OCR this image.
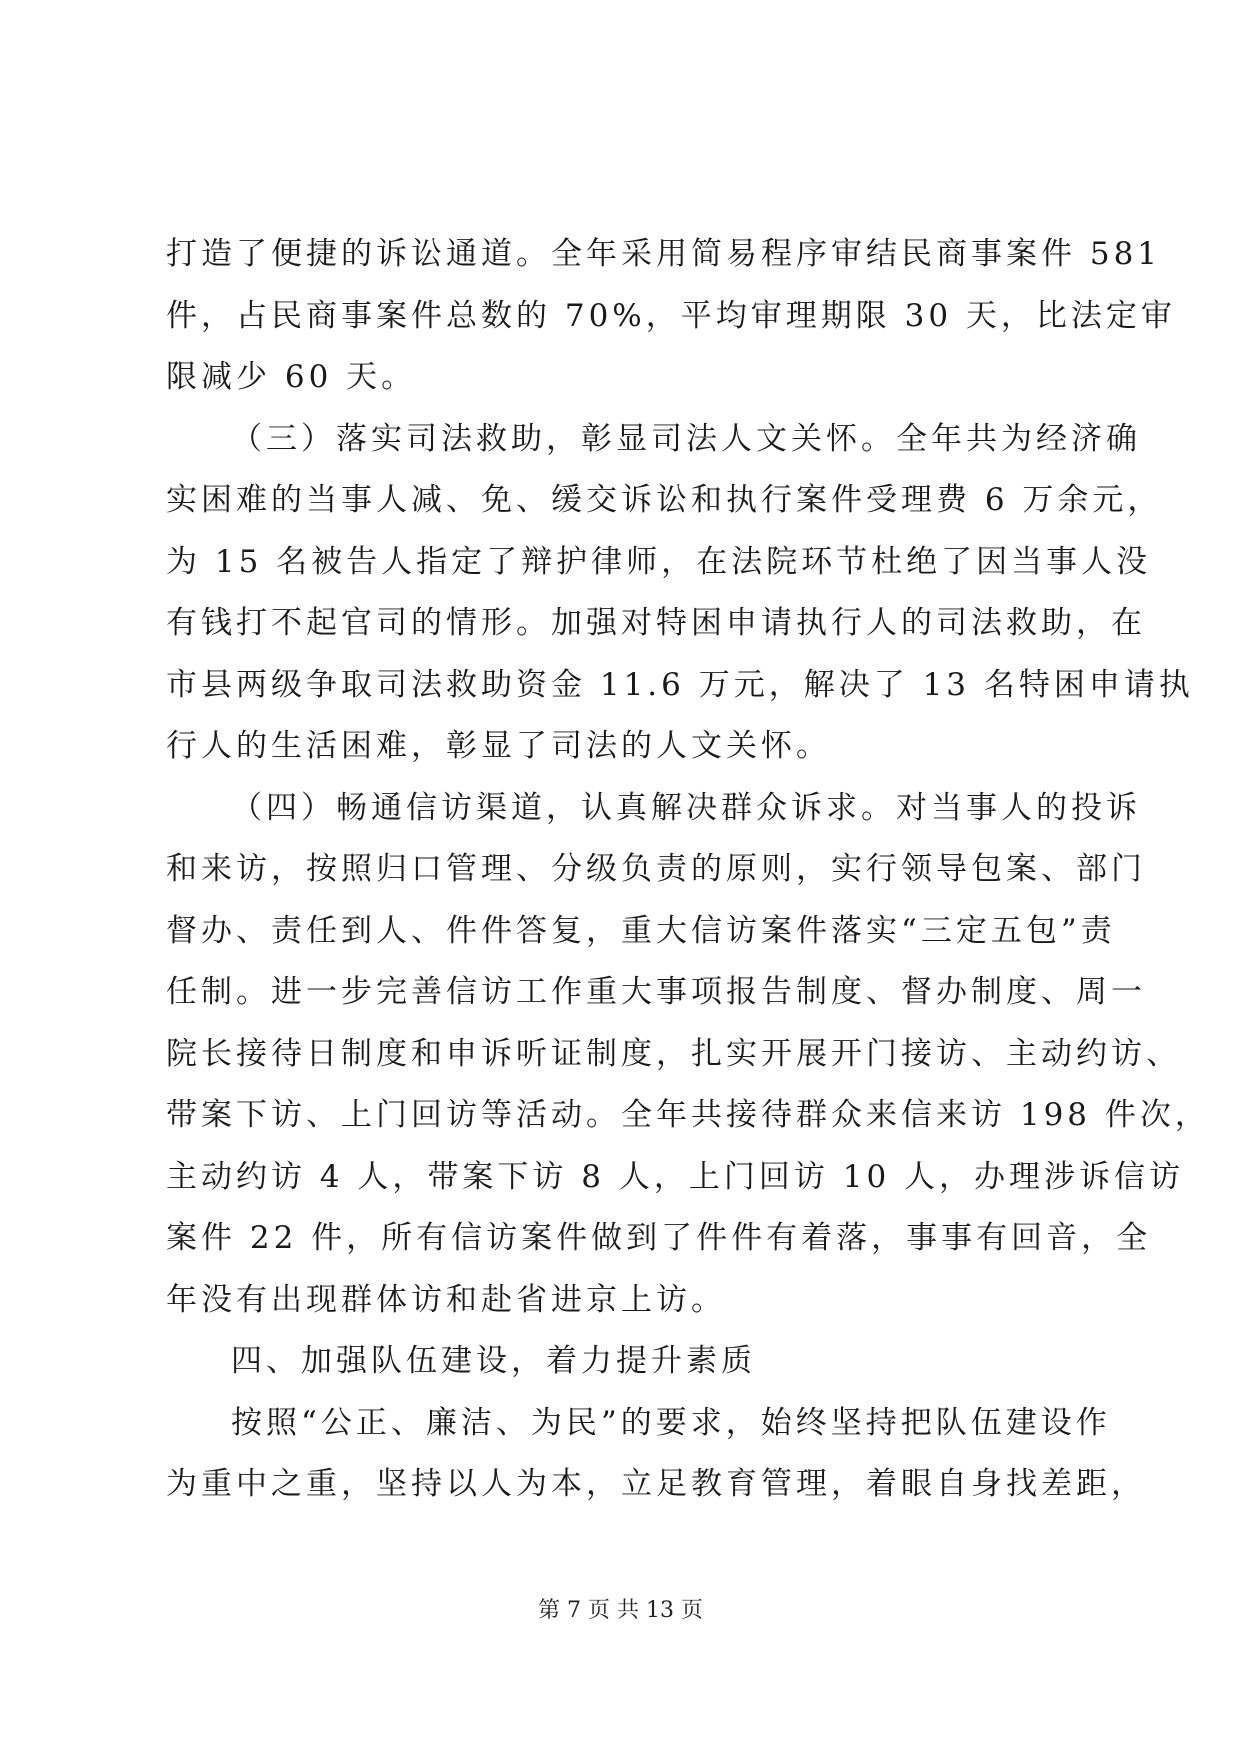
打造了便捷的诉讼通道。全年采用简易程序审结民商事案件 581
件，占民商事案件总数的 70%，平均审理期限 30 天，比法定审
限减少 60 天。
（三）落实司法救助，彰显司法人文关怀。全年共为经济确
实困难的当事人减、免、缓交诉讼和执行案件受理费 6 万余元，
为 15 名被告人指定了辩护律师，在法院环节杜绝了因当事人没
有钱打不起官司的情形。加强对特困申请执行人的司法救助，在
市县两级争取司法救助资金 11.6 万元，解决了 13 名特困申请执
行人的生活困难，彰显了司法的人文关怀。
（四）畅通信访渠道，认真解决群众诉求。对当事人的投诉
和来访，按照归口管理、分级负责的原则，实行领导包案、部门
督办、责任到人、件件答复，重大信访案件落实“三定五包”责
任制。进一步完善信访工作重大事项报告制度、督办制度、周一
院长接待日制度和申诉听证制度，扎实开展开门接访、主动约访、
带案下访、上门回访等活动。全年共接待群众来信来访 198 件次，
主动约访 4 人，带案下访 8 人，上门回访 10 人，办理涉诉信访
案件 22 件，所有信访案件做到了件件有着落，事事有回音，全
年没有出现群体访和赴省进京上访。
四、加强队伍建设，着力提升素质
按照“公正、廉洁、为民”的要求，始终坚持把队伍建设作
为重中之重，坚持以人为本，立足教育管理，着眼自身找差距，
第 7 页 共 13 页
